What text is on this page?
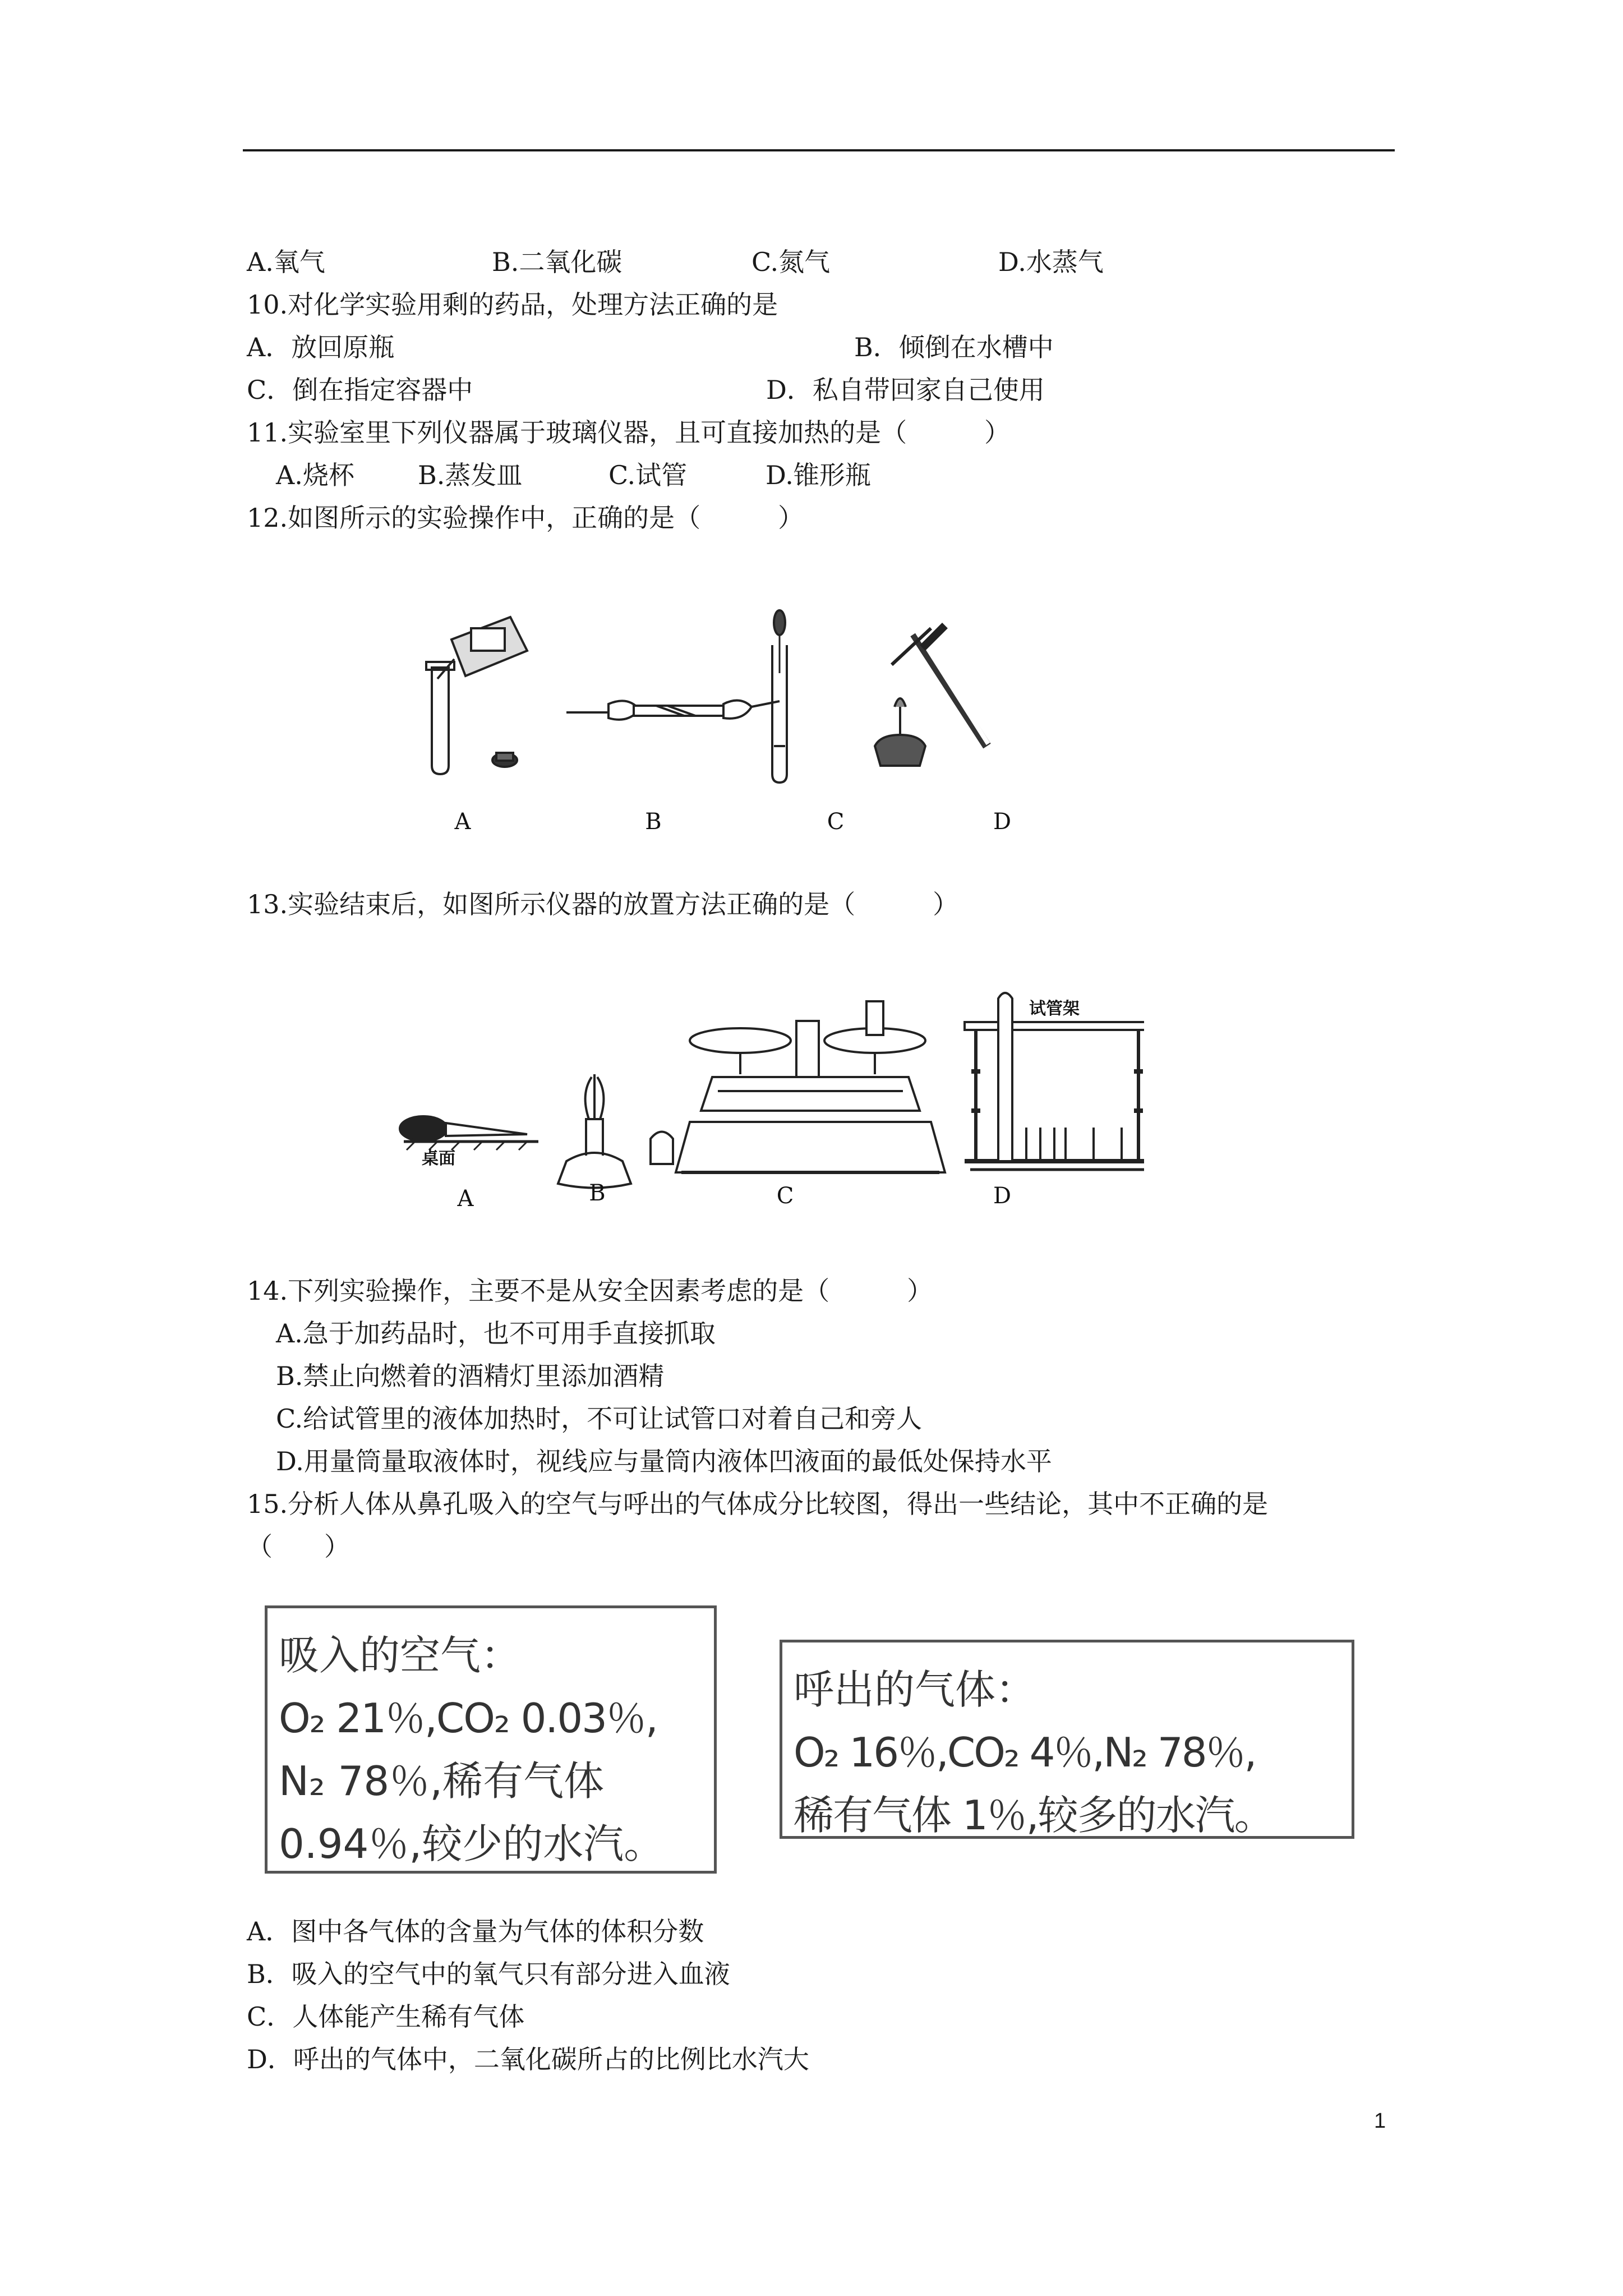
A.氧气	B.二氧化碳	C.氮气	D.水蒸气
10.对化学实验用剩的药品，处理方法正确的是
A．放回原瓶	B．倾倒在水槽中
C．倒在指定容器中	D．私自带回家自己使用
11.实验室里下列仪器属于玻璃仪器，且可直接加热的是（　　　）
A.烧杯 B.蒸发皿	C.试管	D.锥形瓶
12.如图所示的实验操作中，正确的是（　　　）
A	B	C	D
13.实验结束后，如图所示仪器的放置方法正确的是（　　　）
桌面
试管架
A	B	C	D
14.下列实验操作，主要不是从安全因素考虑的是（　　　）
A.急于加药品时，也不可用手直接抓取
B.禁止向燃着的酒精灯里添加酒精
C.给试管里的液体加热时，不可让试管口对着自己和旁人
D.用量筒量取液体时，视线应与量筒内液体凹液面的最低处保持水平
15.分析人体从鼻孔吸入的空气与呼出的气体成分比较图，得出一些结论，其中不正确的是
（　　）
吸入的空气：
O₂ 21％,CO₂ 0.03％,
N₂ 78％,稀有气体
0.94％,较少的水汽。
呼出的气体：
O₂ 16％,CO₂ 4％,N₂ 78％,
稀有气体 1％,较多的水汽。
A．图中各气体的含量为气体的体积分数
B．吸入的空气中的氧气只有部分进入血液
C．人体能产生稀有气体
D．呼出的气体中，二氧化碳所占的比例比水汽大
1
